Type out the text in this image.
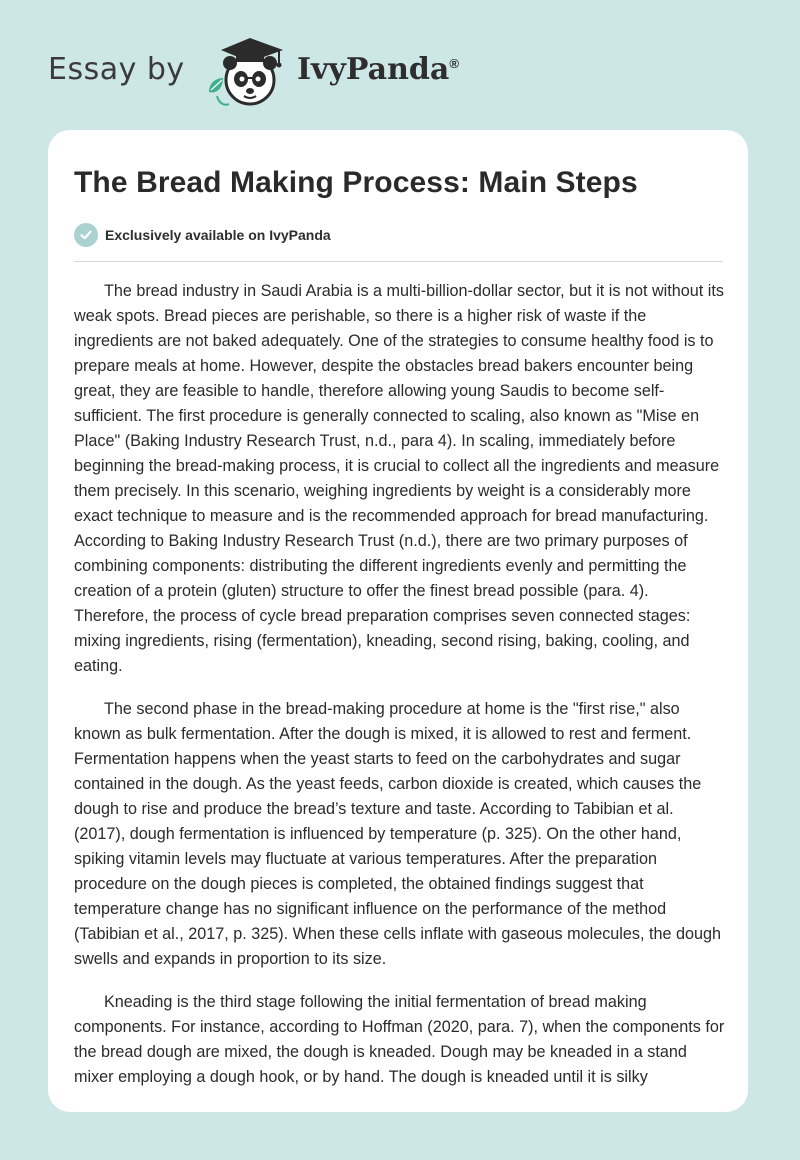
Essay by	IvyPanda®
The Bread Making Process: Main Steps
Exclusively available on IvyPanda

The bread industry in Saudi Arabia is a multi-billion-dollar sector, but it is not without its weak spots. Bread pieces are perishable, so there is a higher risk of waste if the ingredients are not baked adequately. One of the strategies to consume healthy food is to prepare meals at home. However, despite the obstacles bread bakers encounter being great, they are feasible to handle, therefore allowing young Saudis to become self-sufficient. The first procedure is generally connected to scaling, also known as "Mise en Place" (Baking Industry Research Trust, n.d., para 4). In scaling, immediately before beginning the bread-making process, it is crucial to collect all the ingredients and measure them precisely. In this scenario, weighing ingredients by weight is a considerably more exact technique to measure and is the recommended approach for bread manufacturing. According to Baking Industry Research Trust (n.d.), there are two primary purposes of combining components: distributing the different ingredients evenly and permitting the creation of a protein (gluten) structure to offer the finest bread possible (para. 4). Therefore, the process of cycle bread preparation comprises seven connected stages: mixing ingredients, rising (fermentation), kneading, second rising, baking, cooling, and eating.

The second phase in the bread-making procedure at home is the "first rise," also known as bulk fermentation. After the dough is mixed, it is allowed to rest and ferment. Fermentation happens when the yeast starts to feed on the carbohydrates and sugar contained in the dough. As the yeast feeds, carbon dioxide is created, which causes the dough to rise and produce the bread’s texture and taste. According to Tabibian et al. (2017), dough fermentation is influenced by temperature (p. 325). On the other hand, spiking vitamin levels may fluctuate at various temperatures. After the preparation procedure on the dough pieces is completed, the obtained findings suggest that temperature change has no significant influence on the performance of the method (Tabibian et al., 2017, p. 325). When these cells inflate with gaseous molecules, the dough swells and expands in proportion to its size.

Kneading is the third stage following the initial fermentation of bread making components. For instance, according to Hoffman (2020, para. 7), when the components for the bread dough are mixed, the dough is kneaded. Dough may be kneaded in a stand mixer employing a dough hook, or by hand. The dough is kneaded until it is silky
